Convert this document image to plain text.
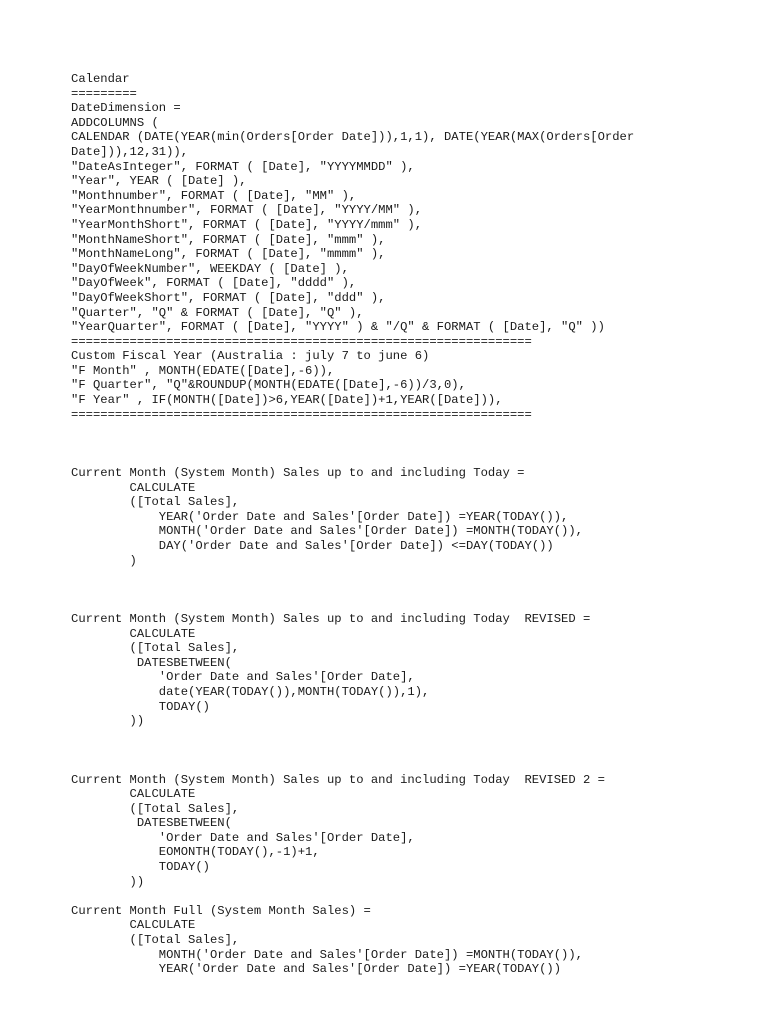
Calendar
=========
DateDimension =
ADDCOLUMNS (
CALENDAR (DATE(YEAR(min(Orders[Order Date])),1,1), DATE(YEAR(MAX(Orders[Order
Date])),12,31)),
"DateAsInteger", FORMAT ( [Date], "YYYYMMDD" ),
"Year", YEAR ( [Date] ),
"Monthnumber", FORMAT ( [Date], "MM" ),
"YearMonthnumber", FORMAT ( [Date], "YYYY/MM" ),
"YearMonthShort", FORMAT ( [Date], "YYYY/mmm" ),
"MonthNameShort", FORMAT ( [Date], "mmm" ),
"MonthNameLong", FORMAT ( [Date], "mmmm" ),
"DayOfWeekNumber", WEEKDAY ( [Date] ),
"DayOfWeek", FORMAT ( [Date], "dddd" ),
"DayOfWeekShort", FORMAT ( [Date], "ddd" ),
"Quarter", "Q" & FORMAT ( [Date], "Q" ),
"YearQuarter", FORMAT ( [Date], "YYYY" ) & "/Q" & FORMAT ( [Date], "Q" ))
===============================================================
Custom Fiscal Year (Australia : july 7 to june 6)
"F Month" , MONTH(EDATE([Date],-6)),
"F Quarter", "Q"&ROUNDUP(MONTH(EDATE([Date],-6))/3,0),
"F Year" , IF(MONTH([Date])>6,YEAR([Date])+1,YEAR([Date])),
===============================================================
Current Month (System Month) Sales up to and including Today =
CALCULATE
([Total Sales],
YEAR('Order Date and Sales'[Order Date]) =YEAR(TODAY()),
MONTH('Order Date and Sales'[Order Date]) =MONTH(TODAY()),
DAY('Order Date and Sales'[Order Date]) <=DAY(TODAY())
)
Current Month (System Month) Sales up to and including Today  REVISED =
CALCULATE
([Total Sales],
DATESBETWEEN(
'Order Date and Sales'[Order Date],
date(YEAR(TODAY()),MONTH(TODAY()),1),
TODAY()
))
Current Month (System Month) Sales up to and including Today  REVISED 2 =
CALCULATE
([Total Sales],
DATESBETWEEN(
'Order Date and Sales'[Order Date],
EOMONTH(TODAY(),-1)+1,
TODAY()
))
Current Month Full (System Month Sales) =
CALCULATE
([Total Sales],
MONTH('Order Date and Sales'[Order Date]) =MONTH(TODAY()),
YEAR('Order Date and Sales'[Order Date]) =YEAR(TODAY())
